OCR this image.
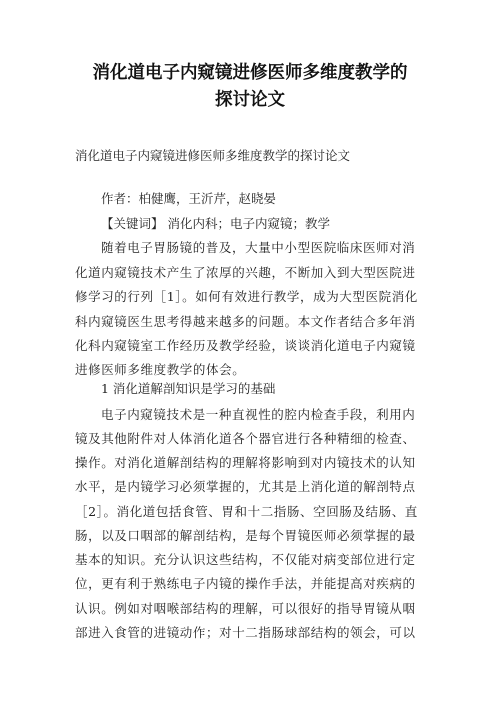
消化道电子内窥镜进修医师多维度教学的
探讨论文
消化道电子内窥镜进修医师多维度教学的探讨论文
作者：柏健鹰，王沂芹，赵晓晏
【关键词】 消化内科；电子内窥镜；教学
随着电子胃肠镜的普及，大量中小型医院临床医师对消
化道内窥镜技术产生了浓厚的兴趣，不断加入到大型医院进
修学习的行列［1］。如何有效进行教学，成为大型医院消化
科内窥镜医生思考得越来越多的问题。本文作者结合多年消
化科内窥镜室工作经历及教学经验，谈谈消化道电子内窥镜
进修医师多维度教学的体会。
1 消化道解剖知识是学习的基础
电子内窥镜技术是一种直视性的腔内检查手段，利用内
镜及其他附件对人体消化道各个器官进行各种精细的检查、
操作。对消化道解剖结构的理解将影响到对内镜技术的认知
水平，是内镜学习必须掌握的，尤其是上消化道的解剖特点
［2］。消化道包括食管、胃和十二指肠、空回肠及结肠、直
肠，以及口咽部的解剖结构，是每个胃镜医师必须掌握的最
基本的知识。充分认识这些结构，不仅能对病变部位进行定
位，更有利于熟练电子内镜的操作手法，并能提高对疾病的
认识。例如对咽喉部结构的理解，可以很好的指导胃镜从咽
部进入食管的进镜动作；对十二指肠球部结构的领会，可以
